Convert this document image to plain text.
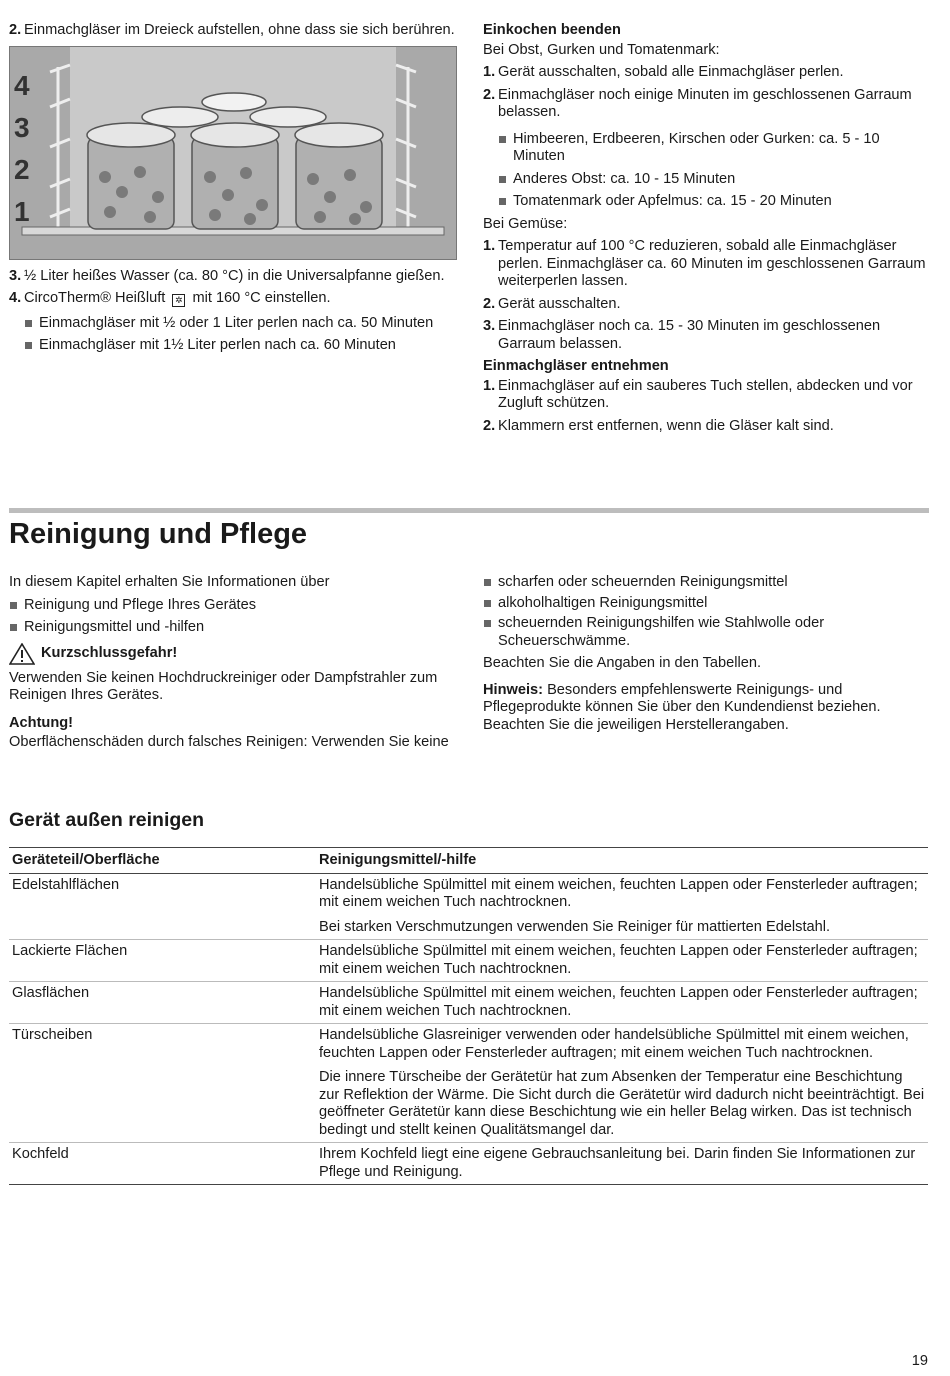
2. Einmachgläser im Dreieck aufstellen, ohne dass sie sich berühren.
4
3
2
1
3. ½ Liter heißes Wasser (ca. 80 °C) in die Universalpfanne gießen.
4. CircoTherm® Heißluft ✲ mit 160 °C einstellen.
Einmachgläser mit ½ oder 1 Liter perlen nach ca. 50 Minuten
Einmachgläser mit 1½ Liter perlen nach ca. 60 Minuten
Einkochen beenden

Bei Obst, Gurken und Tomatenmark:

1. Gerät ausschalten, sobald alle Einmachgläser perlen.
2. Einmachgläser noch einige Minuten im geschlossenen Garraum belassen.
Himbeeren, Erdbeeren, Kirschen oder Gurken: ca. 5 - 10 Minuten
Anderes Obst: ca. 10 - 15 Minuten
Tomatenmark oder Apfelmus: ca. 15 - 20 Minuten

Bei Gemüse:

1. Temperatur auf 100 °C reduzieren, sobald alle Einmachgläser perlen. Einmachgläser ca. 60 Minuten im geschlossenen Garraum weiterperlen lassen.
2. Gerät ausschalten.
3. Einmachgläser noch ca. 15 - 30 Minuten im geschlossenen Garraum belassen.
Einmachgläser entnehmen
1. Einmachgläser auf ein sauberes Tuch stellen, abdecken und vor Zugluft schützen.
2. Klammern erst entfernen, wenn die Gläser kalt sind.
Reinigung und Pflege

In diesem Kapitel erhalten Sie Informationen über

Reinigung und Pflege Ihres Gerätes
Reinigungsmittel und -hilfen
Kurzschlussgefahr!

Verwenden Sie keinen Hochdruckreiniger oder Dampfstrahler zum Reinigen Ihres Gerätes.

Achtung!

Oberflächenschäden durch falsches Reinigen: Verwenden Sie keine

scharfen oder scheuernden Reinigungsmittel
alkoholhaltigen Reinigungsmittel
scheuernden Reinigungshilfen wie Stahlwolle oder Scheuerschwämme.

Beachten Sie die Angaben in den Tabellen.

Hinweis: Besonders empfehlenswerte Reinigungs- und Pflegeprodukte können Sie über den Kundendienst beziehen. Beachten Sie die jeweiligen Herstellerangaben.

Gerät außen reinigen
Geräteteil/Oberfläche	Reinigungsmittel/-hilfe
Edelstahlflächen	Handelsübliche Spülmittel mit einem weichen, feuchten Lappen oder Fensterleder auftragen; mit einem weichen Tuch nachtrocknen.
Bei starken Verschmutzungen verwenden Sie Reiniger für mattierten Edelstahl.

Lackierte Flächen	Handelsübliche Spülmittel mit einem weichen, feuchten Lappen oder Fensterleder auftragen; mit einem weichen Tuch nachtrocknen.

Glasflächen	Handelsübliche Spülmittel mit einem weichen, feuchten Lappen oder Fensterleder auftragen; mit einem weichen Tuch nachtrocknen.

Türscheiben	Handelsübliche Glasreiniger verwenden oder handelsübliche Spülmittel mit einem weichen, feuchten Lappen oder Fensterleder auftragen; mit einem weichen Tuch nachtrocknen.
Die innere Türscheibe der Gerätetür hat zum Absenken der Temperatur eine Beschichtung zur Reflektion der Wärme. Die Sicht durch die Gerätetür wird dadurch nicht beeinträchtigt. Bei geöffneter Gerätetür kann diese Beschichtung wie ein heller Belag wirken. Das ist technisch bedingt und stellt keinen Qualitätsmangel dar.

Kochfeld	Ihrem Kochfeld liegt eine eigene Gebrauchsanleitung bei. Darin finden Sie Informationen zur Pflege und Reinigung.
19
